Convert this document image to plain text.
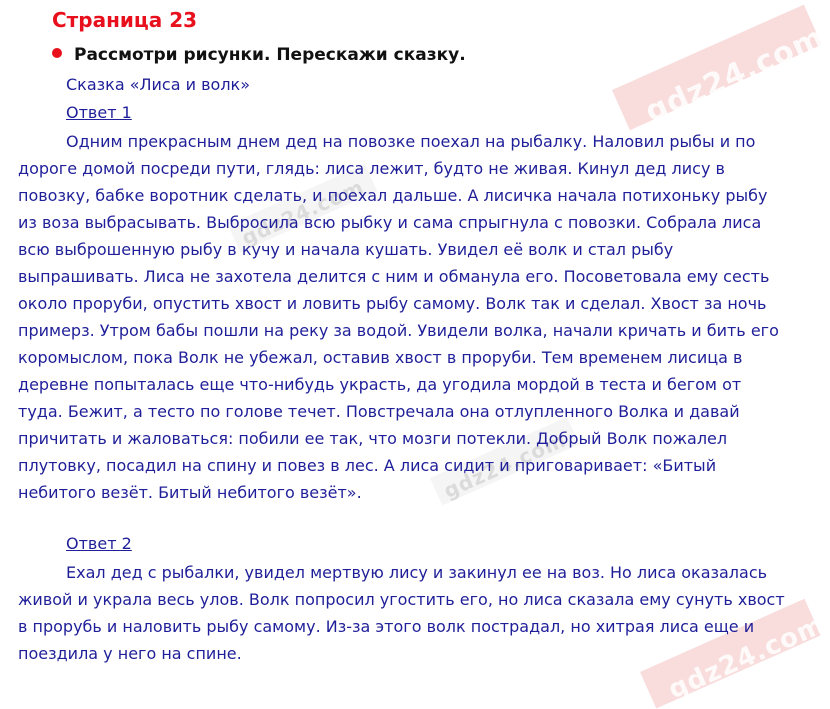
gdz24.com
gdz24.com
gdz24.com
gdz24.com
Страница 23
Рассмотри рисунки. Перескажи сказку.
Сказка «Лиса и волк»
Ответ 1

Одним прекрасным днем дед на повозке поехал на рыбалку. Наловил рыбы и по дороге домой посреди пути, глядь: лиса лежит, будто не живая. Кинул дед лису в повозку, бабке воротник сделать, и поехал дальше. А лисичка начала потихоньку рыбу из воза выбрасывать. Выбросила всю рыбку и сама спрыгнула с повозки. Собрала лиса всю выброшенную рыбу в кучу и начала кушать. Увидел её волк и стал рыбу выпрашивать. Лиса не захотела делится с ним и обманула его. Посоветовала ему сесть около проруби, опустить хвост и ловить рыбу самому. Волк так и сделал. Хвост за ночь примерз. Утром бабы пошли на реку за водой. Увидели волка, начали кричать и бить его коромыслом, пока Волк не убежал, оставив хвост в проруби. Тем временем лисица в деревне попыталась еще что-нибудь украсть, да угодила мордой в теста и бегом от туда. Бежит, а тесто по голове течет. Повстречала она отлупленного Волка и давай причитать и жаловаться: побили ее так, что мозги потекли. Добрый Волк пожалел плутовку, посадил на спину и повез в лес. А лиса сидит и приговаривает: «Битый небитого везёт. Битый небитого везёт».

Ответ 2

Ехал дед с рыбалки, увидел мертвую лису и закинул ее на воз. Но лиса оказалась живой и украла весь улов. Волк попросил угостить его, но лиса сказала ему сунуть хвост в прорубь и наловить рыбу самому. Из-за этого волк пострадал, но хитрая лиса еще и поездила у него на спине.
